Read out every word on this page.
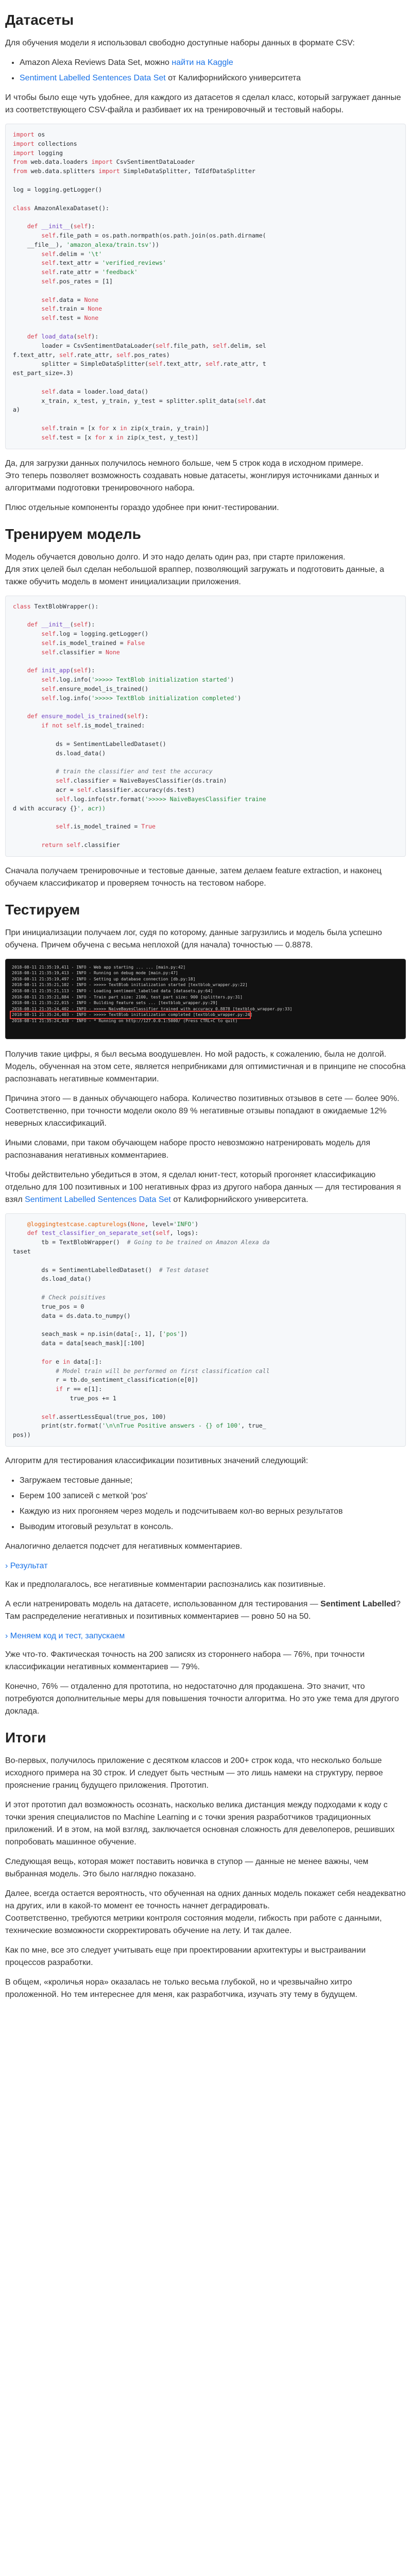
Датасеты

Для обучения модели я использовал свободно доступные наборы данных в формате CSV:

• Amazon Alexa Reviews Data Set, можно найти на Kaggle
• Sentiment Labelled Sentences Data Set от Калифорнийского университета

И чтобы было еще чуть удобнее, для каждого из датасетов я сделал класс, который загружает данные из соответствующего CSV-файла и разбивает их на тренировочный и тестовый наборы.

import os
import collections
import logging
from web.data.loaders import CsvSentimentDataLoader
from web.data.splitters import SimpleDataSplitter, TdIdfDataSplitter

log = logging.getLogger()

class AmazonAlexaDataset():

def __init__(self):
self.file_path = os.path.normpath(os.path.join(os.path.dirname(
__file__), 'amazon_alexa/train.tsv'))
self.delim = '\t'
self.text_attr = 'verified_reviews'
self.rate_attr = 'feedback'
self.pos_rates = [1]

self.data = None
self.train = None
self.test = None

def load_data(self):
loader = CsvSentimentDataLoader(self.file_path, self.delim, sel
f.text_attr, self.rate_attr, self.pos_rates)
splitter = SimpleDataSplitter(self.text_attr, self.rate_attr, t
est_part_size=.3)

self.data = loader.load_data()
x_train, x_test, y_train, y_test = splitter.split_data(self.dat
a)

self.train = [x for x in zip(x_train, y_train)]
self.test = [x for x in zip(x_test, y_test)]

Да, для загрузки данных получилось немного больше, чем 5 строк кода в исходном примере.
Это теперь позволяет возможность создавать новые датасеты, жонглируя источниками данных и алгоритмами подготовки тренировочного набора.

Плюс отдельные компоненты гораздо удобнее при юнит-тестировании.

Тренируем модель

Модель обучается довольно долго. И это надо делать один раз, при старте приложения.
Для этих целей был сделан небольшой враппер, позволяющий загружать и подготовить данные, а также обучить модель в момент инициализации приложения.

class TextBlobWrapper():

def __init__(self):
self.log = logging.getLogger()
self.is_model_trained = False
self.classifier = None

def init_app(self):
self.log.info('>>>>> TextBlob initialization started')
self.ensure_model_is_trained()
self.log.info('>>>>> TextBlob initialization completed')

def ensure_model_is_trained(self):
if not self.is_model_trained:

ds = SentimentLabelledDataset()
ds.load_data()

# train the classifier and test the accuracy
self.classifier = NaiveBayesClassifier(ds.train)
acr = self.classifier.accuracy(ds.test)
self.log.info(str.format('>>>>> NaiveBayesClassifier traine
d with accuracy {}', acr))

self.is_model_trained = True

return self.classifier

Сначала получаем тренировочные и тестовые данные, затем делаем feature extraction, и наконец обучаем классификатор и проверяем точность на тестовом наборе.

Тестируем

При инициализации получаем лог, судя по которому, данные загрузились и модель была успешно обучена. Причем обучена с весьма неплохой (для начала) точностью — 0.8878.

2018-08-11 21:35:19,411 - INFO - Web app starting ... ... [main.py:42]
2018-08-11 21:35:19,413 - INFO - Running on debug mode [main.py:47]
2018-08-11 21:35:19,497 - INFO - Setting up database connection [db.py:18]
2018-08-11 21:35:21,102 - INFO - >>>>> TextBlob initialization started [textblob_wrapper.py:22]
2018-08-11 21:35:21,113 - INFO - Loading sentiment_labelled data [datasets.py:64]
2018-08-11 21:35:21,884 - INFO - Train part size: 2100, test part size: 900 [splitters.py:31]
2018-08-11 21:35:22,015 - INFO - Building feature sets ... [textblob_wrapper.py:29]
2018-08-11 21:35:24,402 - INFO - >>>>> NaiveBayesClassifier trained with accuracy 0.8878 [textblob_wrapper.py:33]
2018-08-11 21:35:24,403 - INFO - >>>>> TextBlob initialization completed [textblob_wrapper.py:24]
2018-08-11 21:35:24,410 - INFO - * Running on http://127.0.0.1:5000/ (Press CTRL+C to quit)

Получив такие цифры, я был весьма воодушевлен. Но мой радость, к сожалению, была не долгой. Модель, обученная на этом сете, является неприбниками для оптимистичная и в принципе не способна распознавать негативные комментарии.

Причина этого — в данных обучающего набора. Количество позитивных отзывов в сете — более 90%. Соответственно, при точности модели около 89 % негативные отзывы попадают в ожидаемые 12% неверных классификаций.

Иными словами, при таком обучающем наборе просто невозможно натренировать модель для распознавания негативных комментариев.

Чтобы действительно убедиться в этом, я сделал юнит-тест, который прогоняет классификацию отдельно для 100 позитивных и 100 негативных фраз из другого набора данных — для тестирования я взял Sentiment Labelled Sentences Data Set от Калифорнийского университета.

@loggingtestcase.capturelogs(None, level='INFO')
def test_classifier_on_separate_set(self, logs):
tb = TextBlobWrapper()  # Going to be trained on Amazon Alexa da
taset

ds = SentimentLabelledDataset()  # Test dataset
ds.load_data()

# Check poisitives
true_pos = 0
data = ds.data.to_numpy()

seach_mask = np.isin(data[:, 1], ['pos'])
data = data[seach_mask][:100]

for e in data[:]:
# Model train will be performed on first classification call
r = tb.do_sentiment_classification(e[0])
if r == e[1]:
true_pos += 1

self.assertLessEqual(true_pos, 100)
print(str.format('\n\nTrue Positive answers - {} of 100', true_
pos))

Алгоритм для тестирования классификации позитивных значений следующий:

• Загружаем тестовые данные;
• Берем 100 записей с меткой 'pos'
• Каждую из них прогоняем через модель и подсчитываем кол-во верных результатов
• Выводим итоговый результат в консоль.

Аналогично делается подсчет для негативных комментариев.

› Результат

Как и предполагалось, все негативные комментарии распознались как позитивные.

А если натренировать модель на датасете, использованном для тестирования — Sentiment Labelled? Там распределение негативных и позитивных комментариев — ровно 50 на 50.

› Меняем код и тест, запускаем

Уже что-то. Фактическая точность на 200 записях из стороннего набора — 76%, при точности классификации негативных комментариев — 79%.

Конечно, 76% — отдаленно для прототипа, но недостаточно для продакшена. Это значит, что потребуются дополнительные меры для повышения точности алгоритма. Но это уже тема для другого доклада.

Итоги

Во-первых, получилось приложение с десятком классов и 200+ строк кода, что несколько больше исходного примера на 30 строк. И следует быть честным — это лишь намеки на структуру, первое прояснение границ будущего приложения. Прототип.

И этот прототип дал возможность осознать, насколько велика дистанция между подходами к коду с точки зрения специалистов по Machine Learning и с точки зрения разработчиков традиционных приложений. И в этом, на мой взгляд, заключается основная сложность для девелоперов, решивших попробовать машинное обучение.

Следующая вещь, которая может поставить новичка в ступор — данные не менее важны, чем выбранная модель. Это было наглядно показано.

Далее, всегда остается вероятность, что обученная на одних данных модель покажет себя неадекватно на других, или в какой-то момент ее точность начнет деградировать.
Соответственно, требуются метрики контроля состояния модели, гибкость при работе с данными, технические возможности скорректировать обучение на лету. И так далее.

Как по мне, все это следует учитывать еще при проектировании архитектуры и выстраивании процессов разработки.

В общем, «кроличья нора» оказалась не только весьма глубокой, но и чрезвычайно хитро проложенной. Но тем интереснее для меня, как разработчика, изучать эту тему в будущем.
